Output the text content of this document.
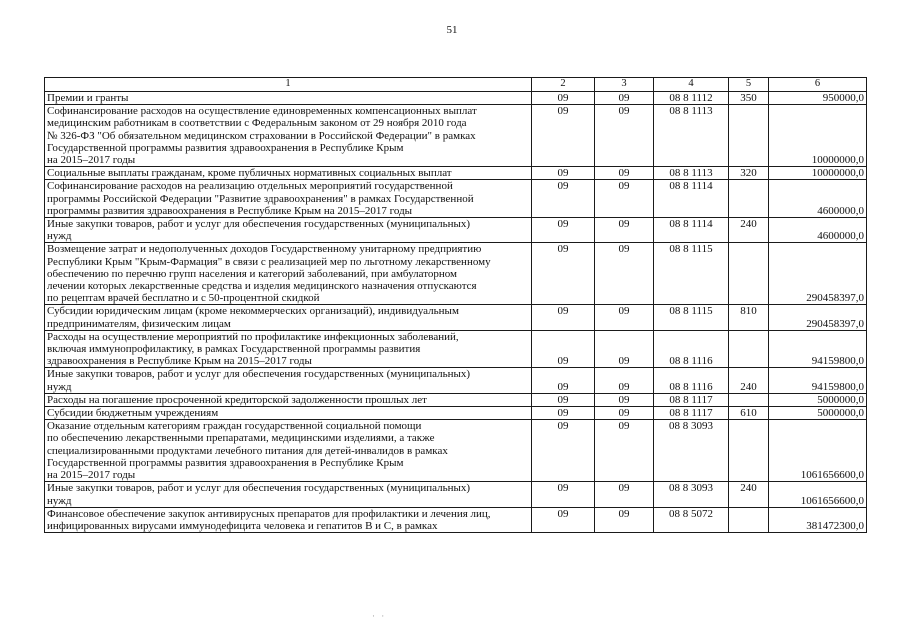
51
1	2	3	4	5	6
Премии и гранты	09	09	08 8 1112	350	950000,0
Софинансирование расходов на осуществление единовременных компенсационных выплат
медицинским работникам в соответствии с Федеральным законом от 29 ноября 2010 года
№ 326-ФЗ "Об обязательном медицинском страховании в Российской Федерации" в рамках
Государственной программы развития здравоохранения в Республике Крым
на 2015–2017 годы	09	09	08 8 1113		10000000,0
Социальные выплаты гражданам, кроме публичных нормативных социальных выплат	09	09	08 8 1113	320	10000000,0
Софинансирование расходов на реализацию отдельных мероприятий государственной
программы Российской Федерации "Развитие здравоохранения" в рамках Государственной
программы развития здравоохранения в Республике Крым на 2015–2017 годы	09	09	08 8 1114		4600000,0
Иные закупки товаров, работ и услуг для обеспечения государственных (муниципальных)
нужд	09	09	08 8 1114	240	4600000,0
Возмещение затрат и недополученных доходов Государственному унитарному предприятию
Республики Крым "Крым-Фармация" в связи с реализацией мер по льготному лекарственному
обеспечению по перечню групп населения и категорий заболеваний, при амбулаторном
лечении которых лекарственные средства и изделия медицинского назначения отпускаются
по рецептам врачей бесплатно и с 50-процентной скидкой	09	09	08 8 1115		290458397,0
Субсидии юридическим лицам (кроме некоммерческих организаций), индивидуальным
предпринимателям, физическим лицам	09	09	08 8 1115	810	290458397,0
Расходы на осуществление мероприятий по профилактике инфекционных заболеваний,
включая иммунопрофилактику, в рамках Государственной программы развития
здравоохранения в Республике Крым на 2015–2017 годы	09	09	08 8 1116		94159800,0
Иные закупки товаров, работ и услуг для обеспечения государственных (муниципальных)
нужд	09	09	08 8 1116	240	94159800,0
Расходы на погашение просроченной кредиторской задолженности прошлых лет	09	09	08 8 1117		5000000,0
Субсидии бюджетным учреждениям	09	09	08 8 1117	610	5000000,0
Оказание отдельным категориям граждан государственной социальной помощи
по обеспечению лекарственными препаратами, медицинскими изделиями, а также
специализированными продуктами лечебного питания для детей-инвалидов в рамках
Государственной программы развития здравоохранения в Республике Крым
на 2015–2017 годы	09	09	08 8 3093		1061656600,0
Иные закупки товаров, работ и услуг для обеспечения государственных (муниципальных)
нужд	09	09	08 8 3093	240	1061656600,0
Финансовое обеспечение закупок антивирусных препаратов для профилактики и лечения лиц,
инфицированных вирусами иммунодефицита человека и гепатитов B и C, в рамках	09	09	08 8 5072		381472300,0
· ·
